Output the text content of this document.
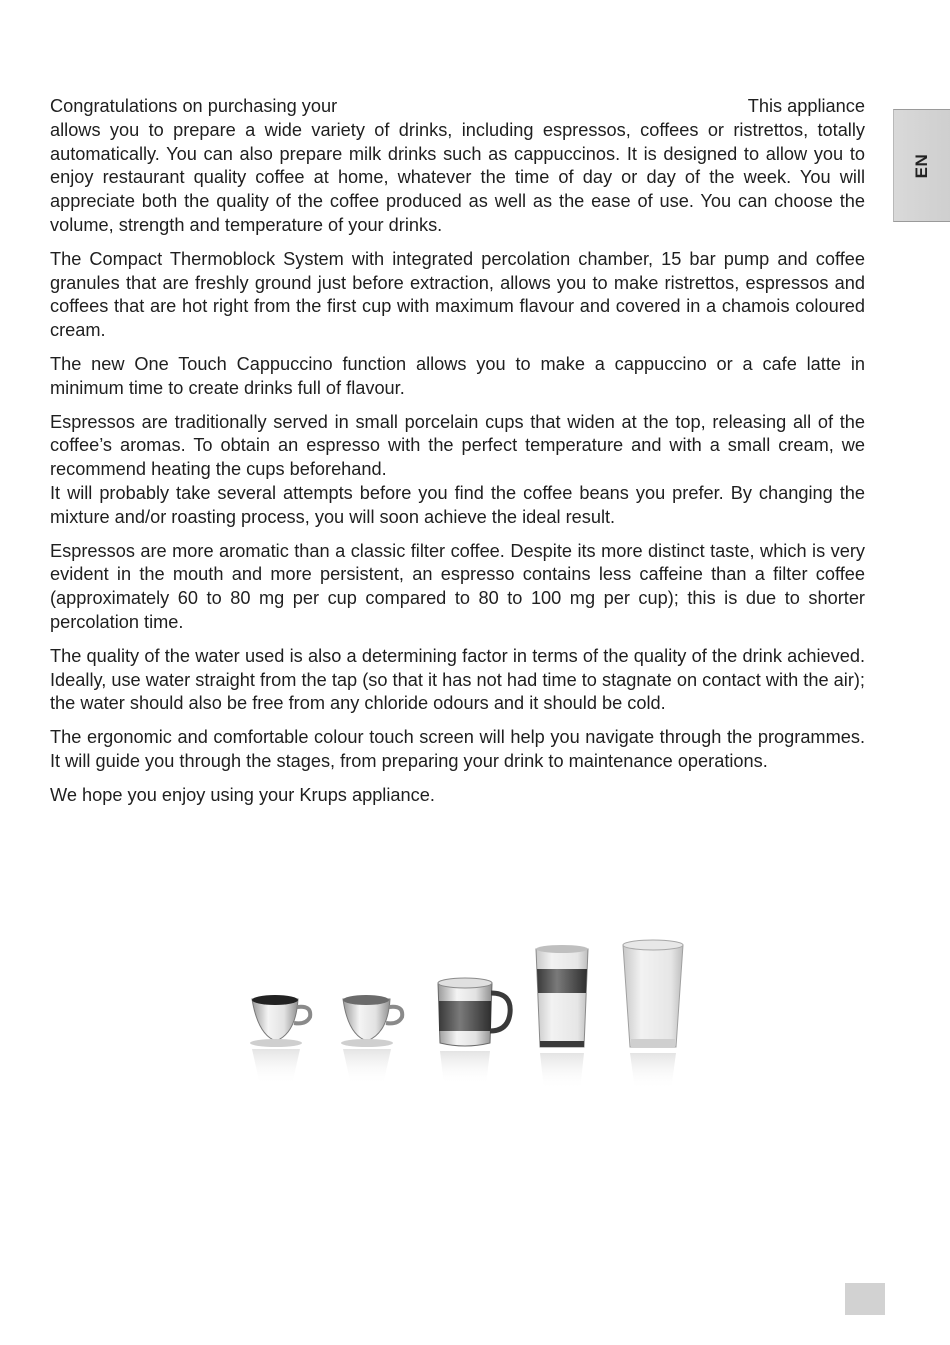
EN
Congratulations on purchasing your	This appliance

allows you to prepare a wide variety of drinks, including espressos, coffees or ristrettos, totally automatically. You can also prepare milk drinks such as cappuccinos. It is designed to allow you to enjoy restaurant quality coffee at home, whatever the time of day or day of the week. You will appreciate both the quality of the coffee produced as well as the ease of use. You can choose the volume, strength and temperature of your drinks.

The Compact Thermoblock System with integrated percolation chamber, 15 bar pump and coffee granules that are freshly ground just before extraction, allows you to make ristrettos, espressos and coffees that are hot right from the first cup with maximum flavour and covered in a chamois coloured cream.

The new One Touch Cappuccino function allows you to make a cappuccino or a cafe latte in minimum time to create drinks full of flavour.

Espressos are traditionally served in small porcelain cups that widen at the top, releasing all of the coffee’s aromas. To obtain an espresso with the perfect temperature and with a small cream, we recommend heating the cups beforehand.

It will probably take several attempts before you find the coffee beans you prefer. By changing the mixture and/or roasting process, you will soon achieve the ideal result.

Espressos are more aromatic than a classic filter coffee. Despite its more distinct taste, which is very evident in the mouth and more persistent, an espresso contains less caffeine than a filter coffee (approximately 60 to 80 mg per cup compared to 80 to 100 mg per cup); this is due to shorter percolation time.

The quality of the water used is also a determining factor in terms of the quality of the drink achieved. Ideally, use water straight from the tap (so that it has not had time to stagnate on contact with the air); the water should also be free from any chloride odours and it should be cold.

The ergonomic and comfortable colour touch screen will help you navigate through the programmes. It will guide you through the stages, from preparing your drink to maintenance operations.

We hope you enjoy using your Krups appliance.
